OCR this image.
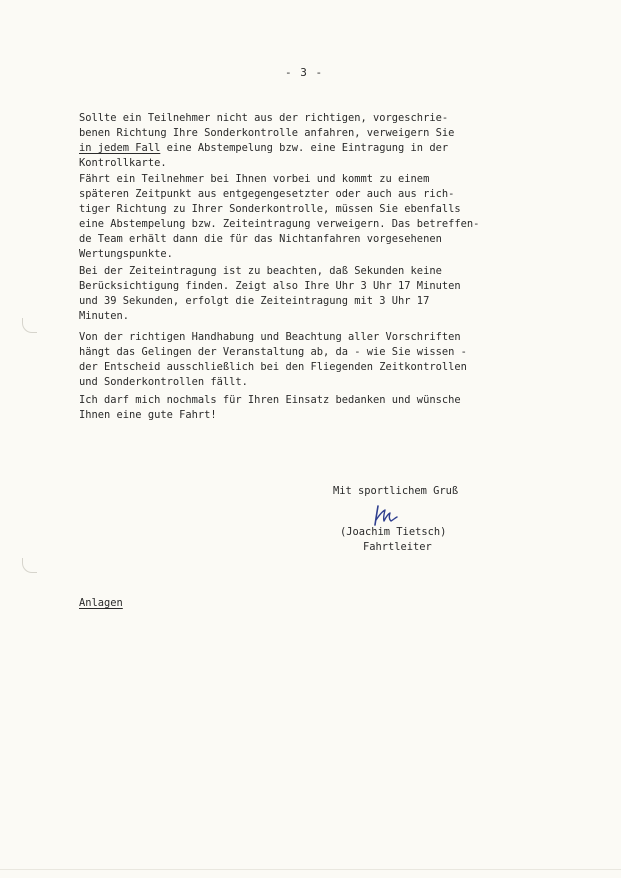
- 3 -
Sollte ein Teilnehmer nicht aus der richtigen, vorgeschrie-
benen Richtung Ihre Sonderkontrolle anfahren, verweigern Sie
in jedem Fall eine Abstempelung bzw. eine Eintragung in der
Kontrollkarte.
Fährt ein Teilnehmer bei Ihnen vorbei und kommt zu einem
späteren Zeitpunkt aus entgegengesetzter oder auch aus rich-
tiger Richtung zu Ihrer Sonderkontrolle, müssen Sie ebenfalls
eine Abstempelung bzw. Zeiteintragung verweigern. Das betreffen-
de Team erhält dann die für das Nichtanfahren vorgesehenen
Wertungspunkte.
Bei der Zeiteintragung ist zu beachten, daß Sekunden keine
Berücksichtigung finden. Zeigt also Ihre Uhr 3 Uhr 17 Minuten
und 39 Sekunden, erfolgt die Zeiteintragung mit 3 Uhr 17
Minuten.
Von der richtigen Handhabung und Beachtung aller Vorschriften
hängt das Gelingen der Veranstaltung ab, da - wie Sie wissen -
der Entscheid ausschließlich bei den Fliegenden Zeitkontrollen
und Sonderkontrollen fällt.
Ich darf mich nochmals für Ihren Einsatz bedanken und wünsche
Ihnen eine gute Fahrt!
Mit sportlichem Gruß
(Joachim Tietsch)
Fahrtleiter
Anlagen
